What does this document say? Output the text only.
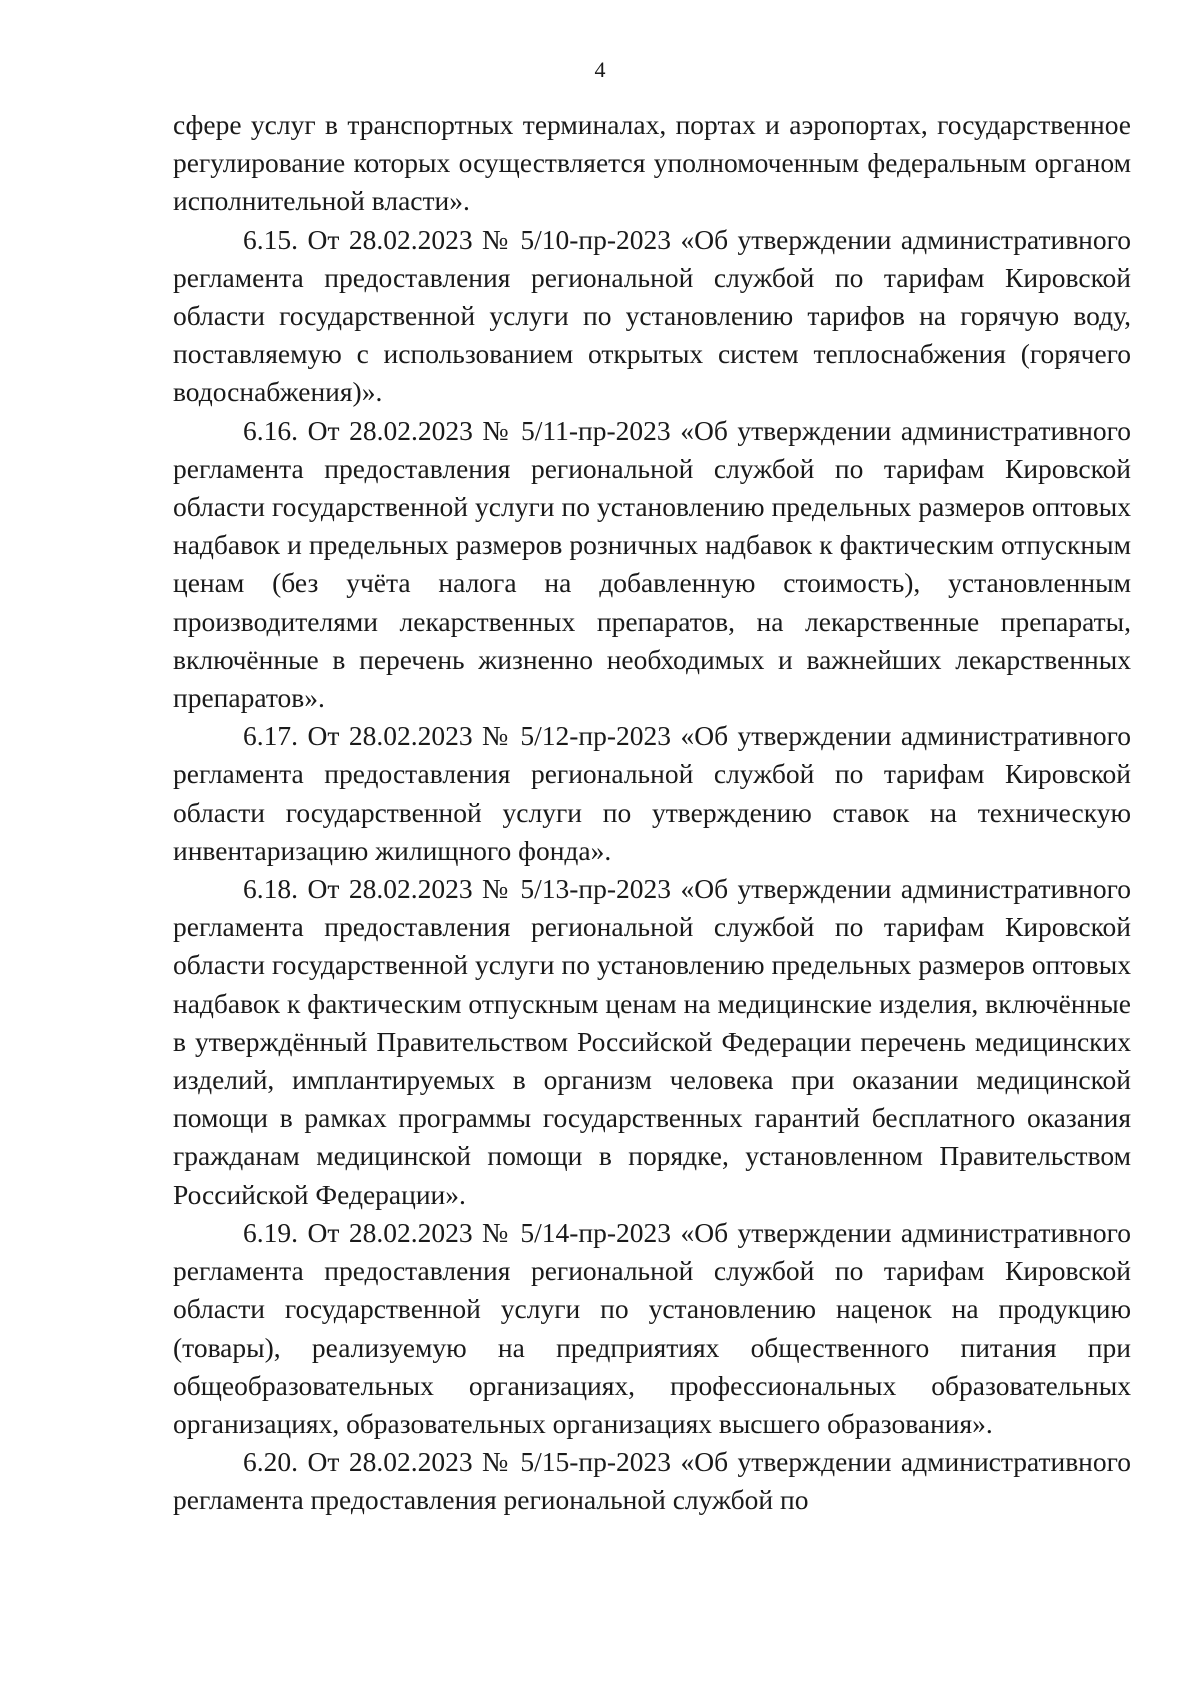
4

сфере услуг в транспортных терминалах, портах и аэропортах, государственное регулирование которых осуществляется уполномоченным федеральным органом исполнительной власти».

6.15. От 28.02.2023 № 5/10-пр-2023 «Об утверждении административного регламента предоставления региональной службой по тарифам Кировской области государственной услуги по установлению тарифов на горячую воду, поставляемую с использованием открытых систем теплоснабжения (горячего водоснабжения)».

6.16. От 28.02.2023 № 5/11-пр-2023 «Об утверждении административного регламента предоставления региональной службой по тарифам Кировской области государственной услуги по установлению предельных размеров оптовых надбавок и предельных размеров розничных надбавок к фактическим отпускным ценам (без учёта налога на добавленную стоимость), установленным производителями лекарственных препаратов, на лекарственные препараты, включённые в перечень жизненно необходимых и важнейших лекарственных препаратов».

6.17. От 28.02.2023 № 5/12-пр-2023 «Об утверждении административного регламента предоставления региональной службой по тарифам Кировской области государственной услуги по утверждению ставок на техническую инвентаризацию жилищного фонда».

6.18. От 28.02.2023 № 5/13-пр-2023 «Об утверждении административного регламента предоставления региональной службой по тарифам Кировской области государственной услуги по установлению предельных размеров оптовых надбавок к фактическим отпускным ценам на медицинские изделия, включённые в утверждённый Правительством Российской Федерации перечень медицинских изделий, имплантируемых в организм человека при оказании медицинской помощи в рамках программы государственных гарантий бесплатного оказания гражданам медицинской помощи в порядке, установленном Правительством Российской Федерации».

6.19. От 28.02.2023 № 5/14-пр-2023 «Об утверждении административного регламента предоставления региональной службой по тарифам Кировской области государственной услуги по установлению наценок на продукцию (товары), реализуемую на предприятиях общественного питания при общеобразовательных организациях, профессиональных образовательных организациях, образовательных организациях высшего образования».

6.20. От 28.02.2023 № 5/15-пр-2023 «Об утверждении административного регламента предоставления региональной службой по
